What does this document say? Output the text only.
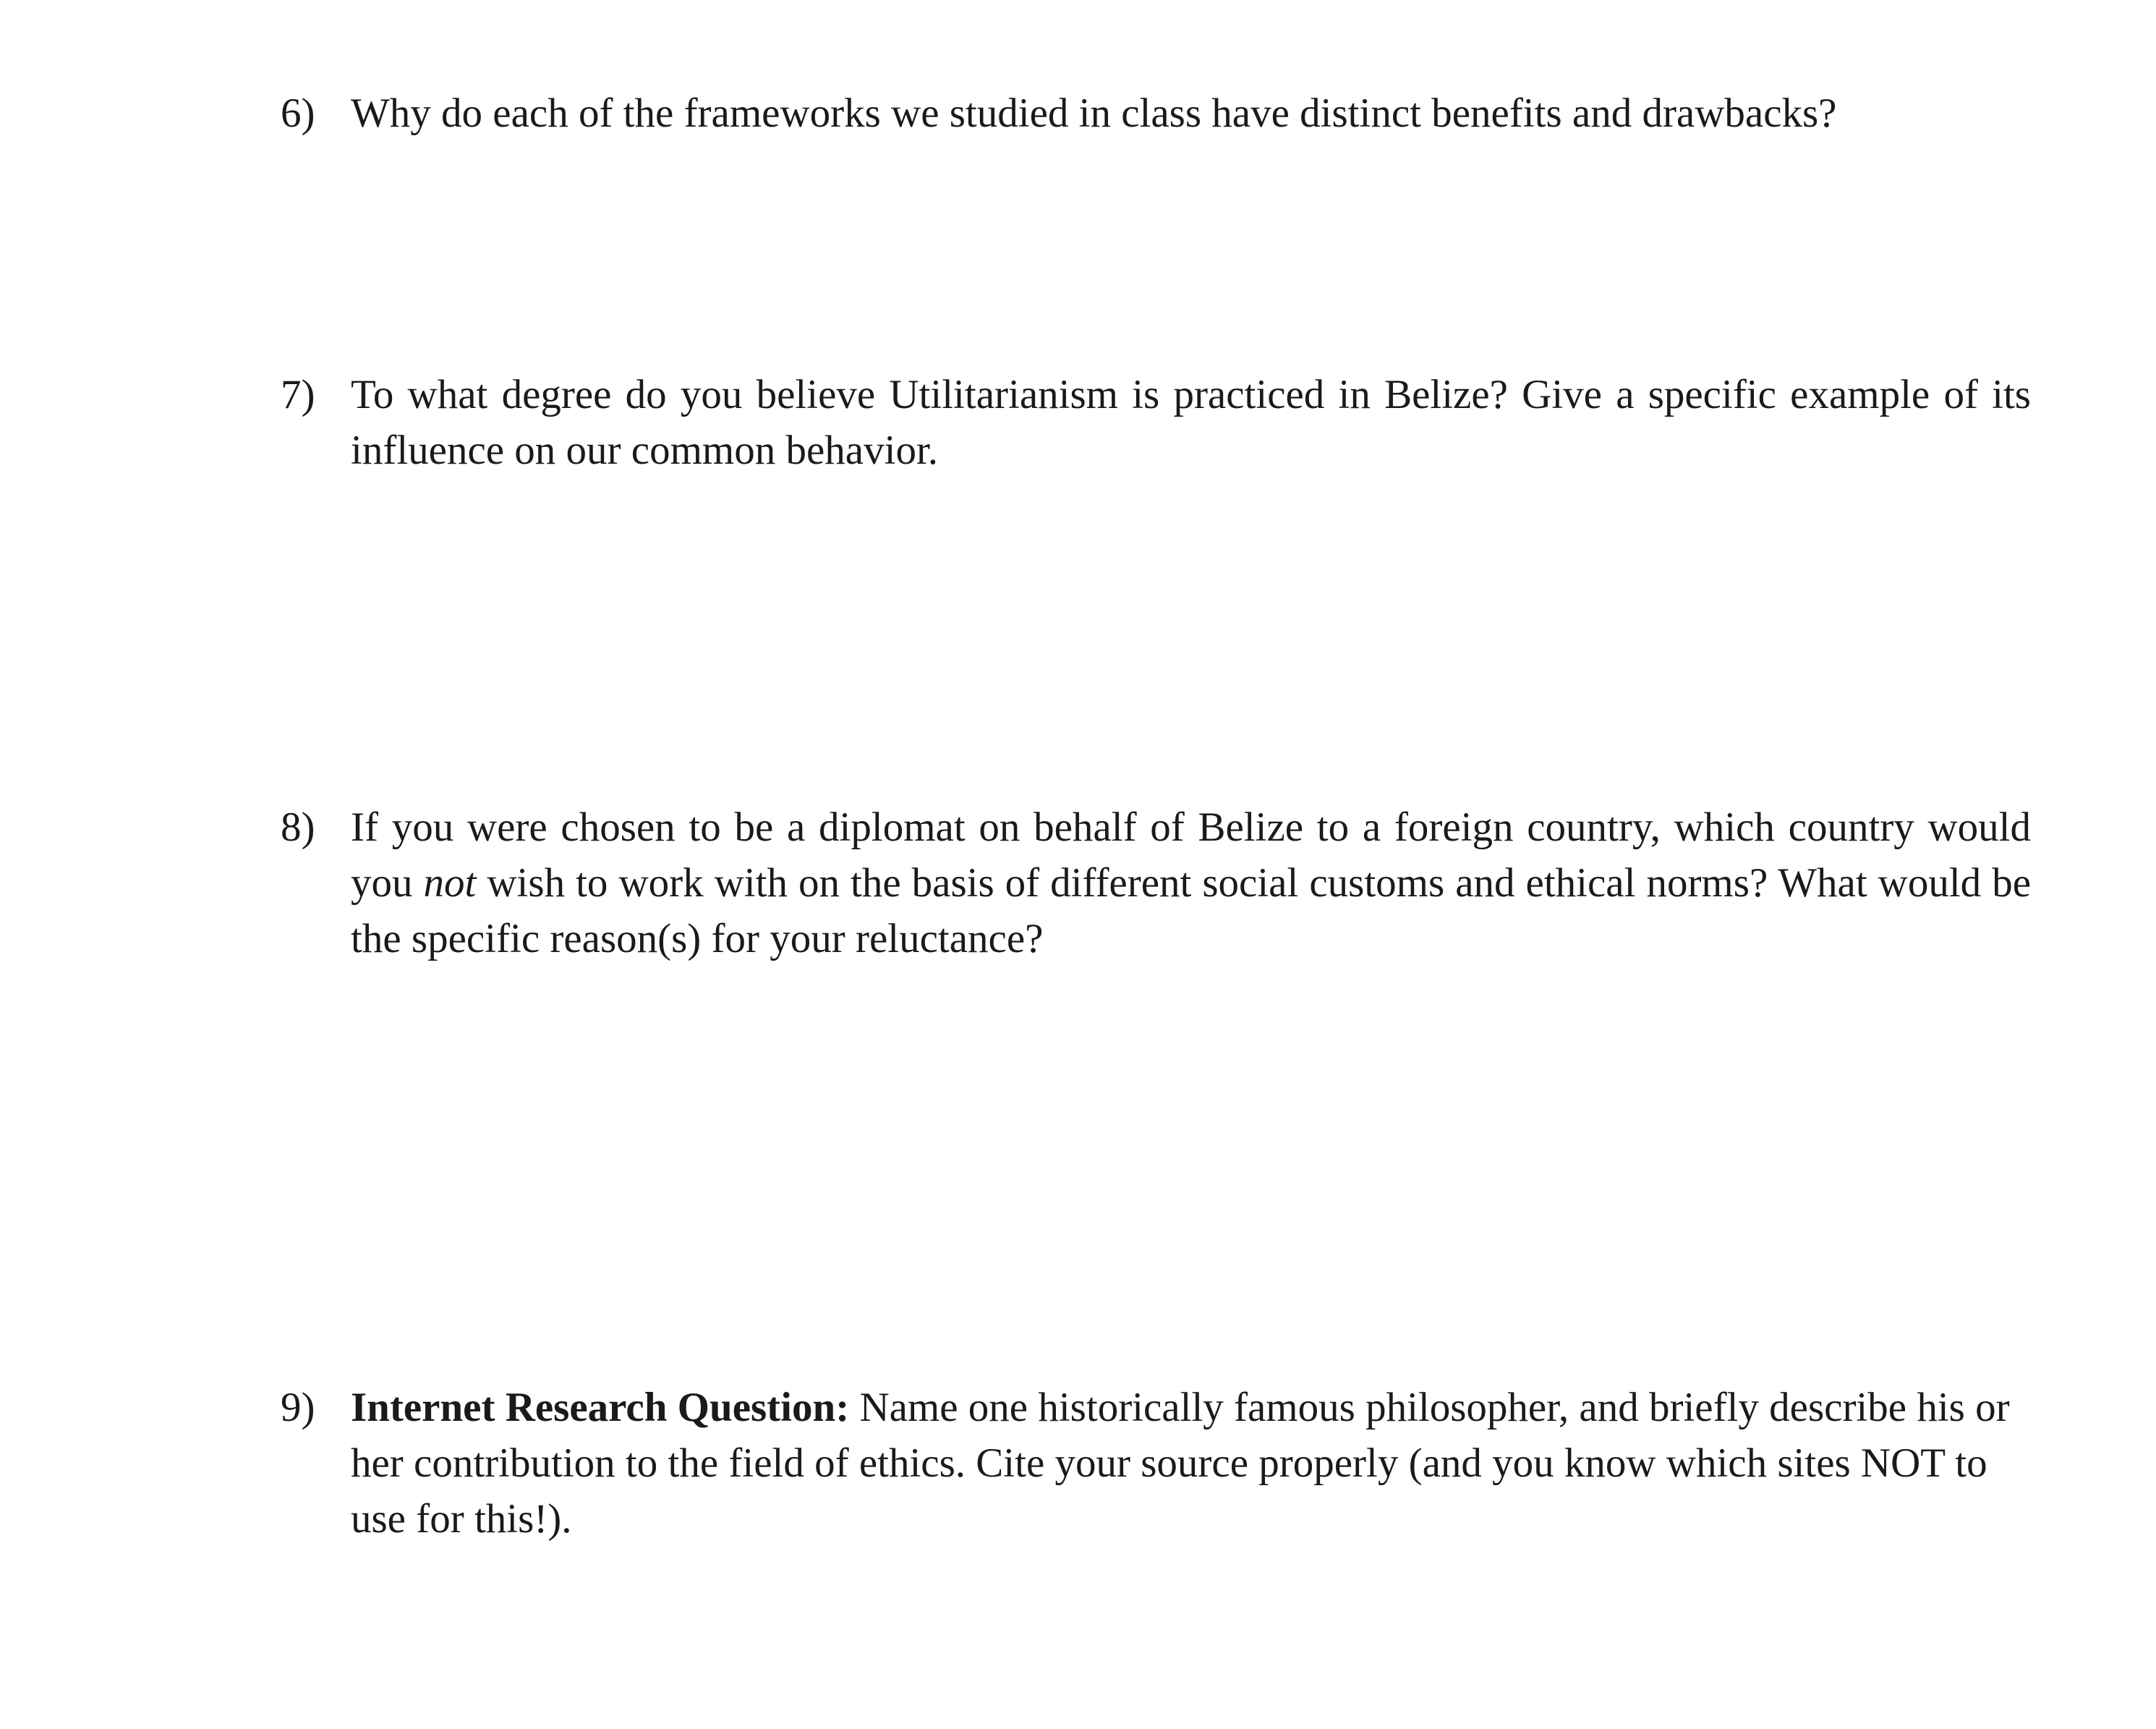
6) Why do each of the frameworks we studied in class have distinct benefits and drawbacks?
7) To what degree do you believe Utilitarianism is practiced in Belize? Give a specific example of its influence on our common behavior.
8) If you were chosen to be a diplomat on behalf of Belize to a foreign country, which country would you not wish to work with on the basis of different social customs and ethical norms? What would be the specific reason(s) for your reluctance?
9) Internet Research Question: Name one historically famous philosopher, and briefly describe his or her contribution to the field of ethics. Cite your source properly (and you know which sites NOT to use for this!).
